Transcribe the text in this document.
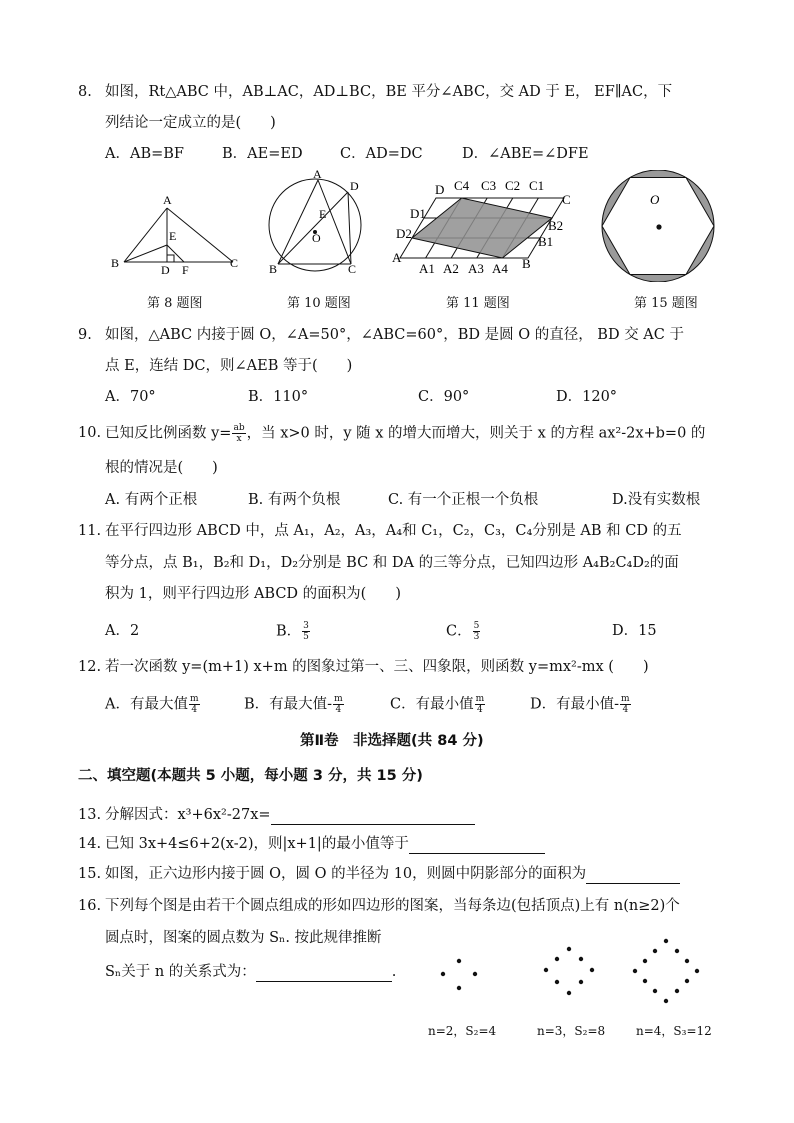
8. 如图，Rt△ABC 中，AB⊥AC，AD⊥BC，BE 平分∠ABC，交 AD 于 E， EF∥AC，下
列结论一定成立的是(　　)
A．AB=BF	B．AE=ED	C．AD=DC	D．∠ABE=∠DFE
A
E
B	D F	C
第 8 题图
A
D
E
O
B	C
第 10 题图
D C4 C3 C2 C1
C
D1
B2
D2
B1
A
A1 A2 A3 A4 B
第 11 题图
O
第 15 题图
9. 如图，△ABC 内接于圆 O，∠A=50°，∠ABC=60°，BD 是圆 O 的直径， BD 交 AC 于
点 E，连结 DC，则∠AEB 等于(　　)
A．70°	B．110°	C．90°	D．120°
10. 已知反比例函数 $y= \frac{ab}{x}$ ，当 x>0 时，y 随 x 的增大而增大，则关于 x 的方程 ax²-2x+b=0 的
根的情况是(　　)
A. 有两个正根	B. 有两个负根	C. 有一个正根一个负根	D.没有实数根
11. 在平行四边形 ABCD 中，点 A₁，A₂，A₃，A₄和 C₁，C₂，C₃，C₄分别是 AB 和 CD 的五
等分点，点 B₁，B₂和 D₁，D₂分别是 BC 和 DA 的三等分点，已知四边形 A₄B₂C₄D₂的面
积为 1，则平行四边形 ABCD 的面积为(　　)
A．2	B． $\frac{3}{5}$	C． $\frac{5}{3}$	D．15
12. 若一次函数 y=(m+1) x+m 的图象过第一、三、四象限，则函数 y=mx²-mx (　　)
A．有最大值 $\frac{m}{4}$	B．有最大值- $\frac{m}{4}$	C．有最小值 $\frac{m}{4}$	D．有最小值- $\frac{m}{4}$
第Ⅱ卷　非选择题(共 84 分)
二、填空题(本题共 5 小题，每小题 3 分，共 15 分)
13. 分解因式：x³+6x²-27x=
14. 已知 3x+4≤6+2(x-2)，则|x+1|的最小值等于
15. 如图，正六边形内接于圆 O，圆 O 的半径为 10，则圆中阴影部分的面积为
16. 下列每个图是由若干个圆点组成的形如四边形的图案，当每条边(包括顶点)上有 n(n≥2)个
圆点时，图案的圆点数为 Sₙ. 按此规律推断
Sₙ关于 n 的关系式为：	.
n=2，S₂=4	n=3，S₂=8	n=4，S₃=12
